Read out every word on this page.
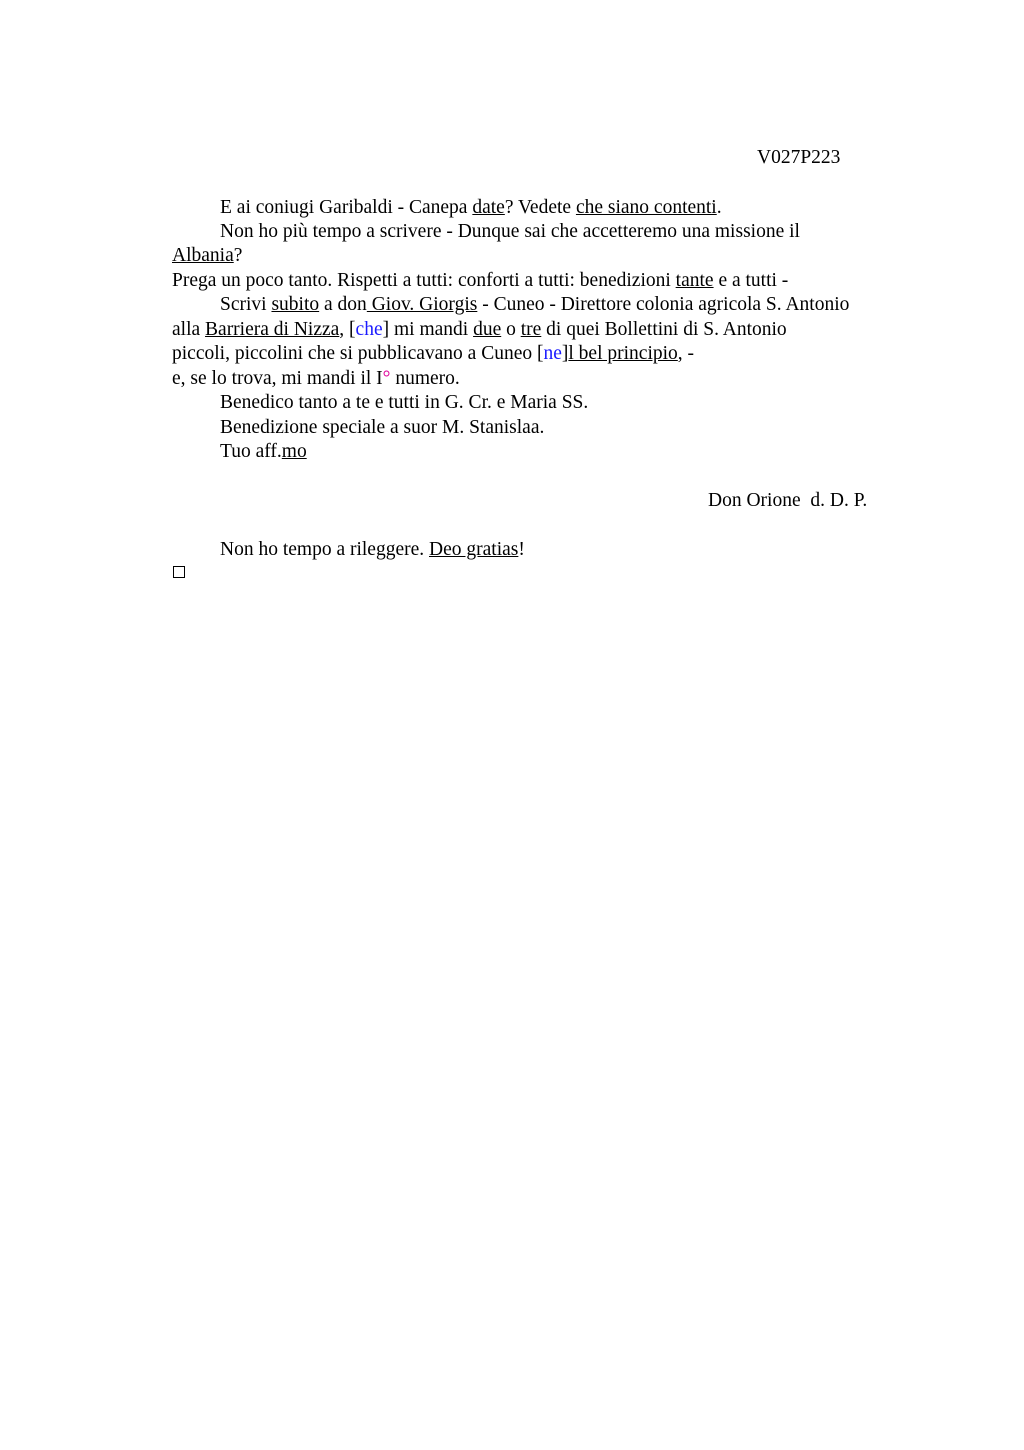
V027P223
E ai coniugi Garibaldi - Canepa date? Vedete che siano contenti.
Non ho più tempo a scrivere - Dunque sai che accetteremo una missione il
Albania?
Prega un poco tanto. Rispetti a tutti: conforti a tutti: benedizioni tante e a tutti -
Scrivi subito a don Giov. Giorgis - Cuneo - Direttore colonia agricola S. Antonio
alla Barriera di Nizza, [che] mi mandi due o tre di quei Bollettini di S. Antonio
piccoli, piccolini che si pubblicavano a Cuneo [ne]l bel principio, -
e, se lo trova, mi mandi il I° numero.
Benedico tanto a te e tutti in G. Cr. e Maria SS.
Benedizione speciale a suor M. Stanislaa.
Tuo aff.mo
Don Orione  d. D. P.
Non ho tempo a rileggere. Deo gratias!
